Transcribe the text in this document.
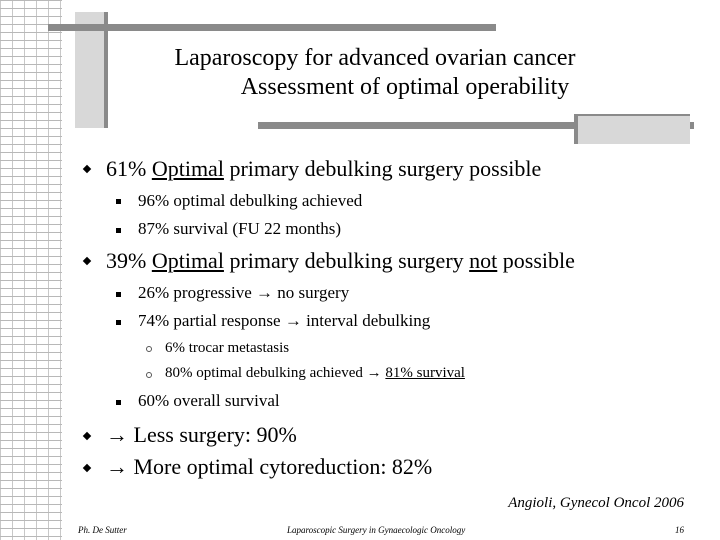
Laparoscopy for advanced ovarian cancer
Assessment of optimal operability
61% Optimal primary debulking surgery possible
96% optimal debulking achieved
87% survival (FU 22 months)
39% Optimal primary debulking surgery not possible
26% progressive → no surgery
74% partial response → interval debulking
6% trocar metastasis
80% optimal debulking achieved → 81% survival
60% overall survival
→ Less surgery: 90%
→ More optimal cytoreduction: 82%
Angioli, Gynecol Oncol 2006
Ph. De Sutter	Laparoscopic Surgery in Gynaecologic Oncology	16
